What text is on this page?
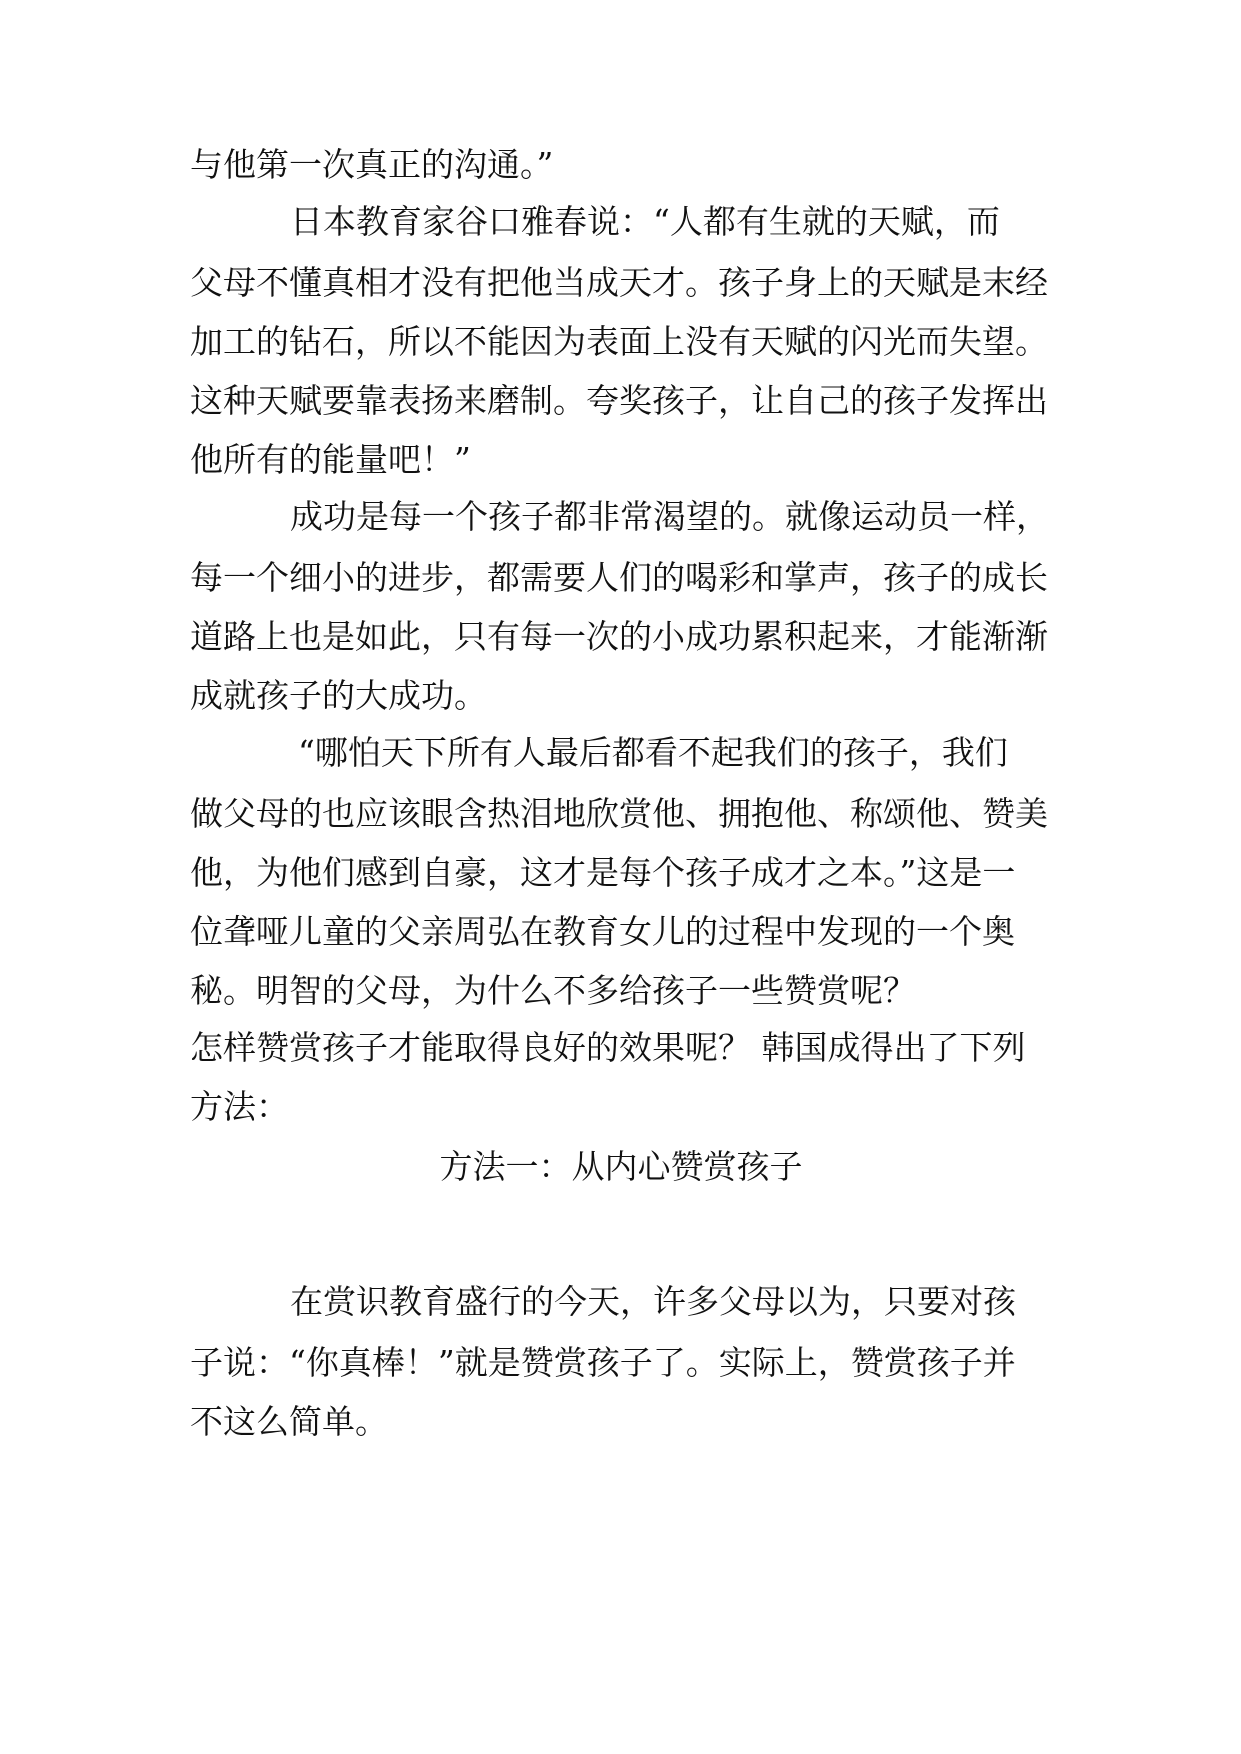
与他第一次真正的沟通。”
日本教育家谷口雅春说：“人都有生就的天赋，而
父母不懂真相才没有把他当成天才。孩子身上的天赋是末经
加工的钻石，所以不能因为表面上没有天赋的闪光而失望。
这种天赋要靠表扬来磨制。夸奖孩子，让自己的孩子发挥出
他所有的能量吧！”
成功是每一个孩子都非常渴望的。就像运动员一样，
每一个细小的进步，都需要人们的喝彩和掌声，孩子的成长
道路上也是如此，只有每一次的小成功累积起来，才能渐渐
成就孩子的大成功。
“哪怕天下所有人最后都看不起我们的孩子，我们
做父母的也应该眼含热泪地欣赏他、拥抱他、称颂他、赞美
他，为他们感到自豪，这才是每个孩子成才之本。”这是一
位聋哑儿童的父亲周弘在教育女儿的过程中发现的一个奥
秘。明智的父母，为什么不多给孩子一些赞赏呢？
怎样赞赏孩子才能取得良好的效果呢？ 韩国成得出了下列
方法：
方法一：从内心赞赏孩子
在赏识教育盛行的今天，许多父母以为，只要对孩
子说：“你真棒！”就是赞赏孩子了。实际上，赞赏孩子并
不这么简单。
